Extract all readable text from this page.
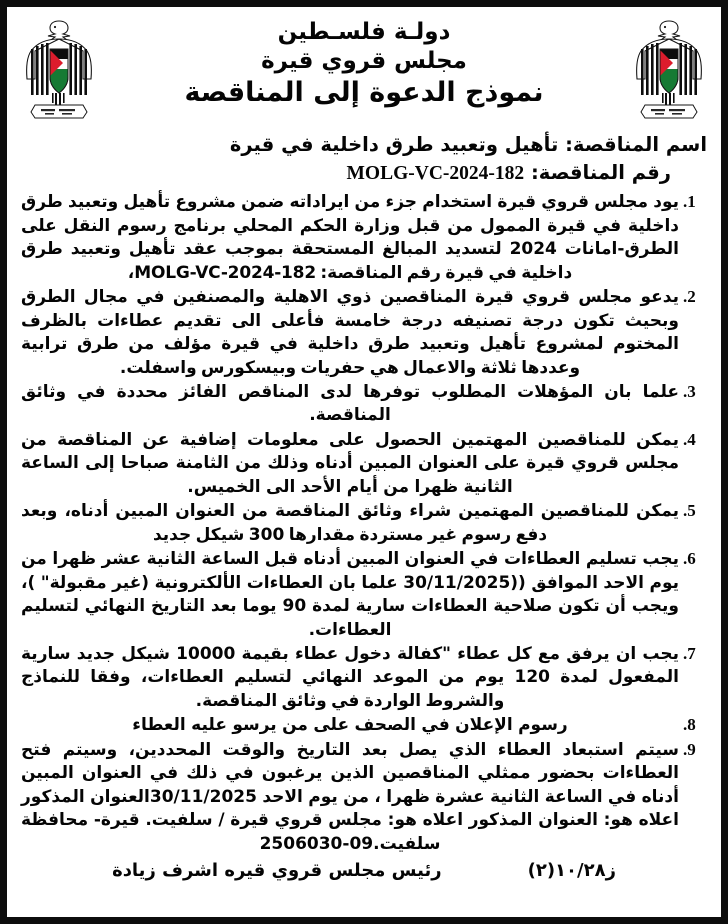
دولـة فلسـطين
مجلس قروي قيرة
نموذج الدعوة إلى المناقصة
اسم المناقصة: تأهيل وتعبيد طرق داخلية في قيرة
رقم المناقصة: MOLG-VC-2024-182
1.
يود مجلس قروي قيرة استخدام جزء من ايراداته ضمن مشروع تأهيل وتعبيد طرق داخلية في قيرة الممول من قبل وزارة الحكم المحلي برنامج رسوم النقل على الطرق-امانات 2024 لتسديد المبالغ المستحقة بموجب عقد تأهيل وتعبيد طرق داخلية في قيرة رقم المناقصة: MOLG-VC-2024-182،
2.
يدعو مجلس قروي قيرة المناقصين ذوي الاهلية والمصنفين في مجال الطرق وبحيث تكون درجة تصنيفه درجة خامسة فأعلى الى تقديم عطاءات بالظرف المختوم لمشروع تأهيل وتعبيد طرق داخلية في قيرة مؤلف من طرق ترابية وعددها ثلاثة والاعمال هي حفريات وبيسكورس واسفلت.
3.
علما بان المؤهلات المطلوب توفرها لدى المناقص الفائز محددة في وثائق المناقصة.
4.
يمكن للمناقصين المهتمين الحصول على معلومات إضافية عن المناقصة من مجلس قروي قيرة على العنوان المبين أدناه وذلك من الثامنة صباحا إلى الساعة الثانية ظهرا من أيام الأحد الى الخميس.
5.
يمكن للمناقصين المهتمين شراء وثائق المناقصة من العنوان المبين أدناه، وبعد دفع رسوم غير مستردة مقدارها 300 شيكل جديد
6.
يجب تسليم العطاءات في العنوان المبين أدناه قبل الساعة الثانية عشر ظهرا من يوم الاحد الموافق ((30/11/2025 علما بان العطاءات الألكترونية (غير مقبولة" )، ويجب أن تكون صلاحية العطاءات سارية لمدة 90 يوما بعد التاريخ النهائي لتسليم العطاءات.
7.
يجب ان يرفق مع كل عطاء "كفالة دخول عطاء بقيمة 10000 شيكل جديد سارية المفعول لمدة 120 يوم من الموعد النهائي لتسليم العطاءات، وفقا للنماذج والشروط الواردة في وثائق المناقصة.
8.
رسوم الإعلان في الصحف على من يرسو عليه العطاء
9.
سيتم استبعاد العطاء الذي يصل بعد التاريخ والوقت المحددين، وسيتم فتح العطاءات بحضور ممثلي المناقصين الذين يرغبون في ذلك في العنوان المبين أدناه في الساعة الثانية عشرة ظهرا ، من يوم الاحد 30/11/2025العنوان المذكور اعلاه هو: العنوان المذكور اعلاه هو: مجلس قروي قيرة / سلفيت. قيرة- محافظة سلفيت.09-2506030
ز١٠/٢٨(٢)
رئيس مجلس قروي قيره اشرف زيادة
